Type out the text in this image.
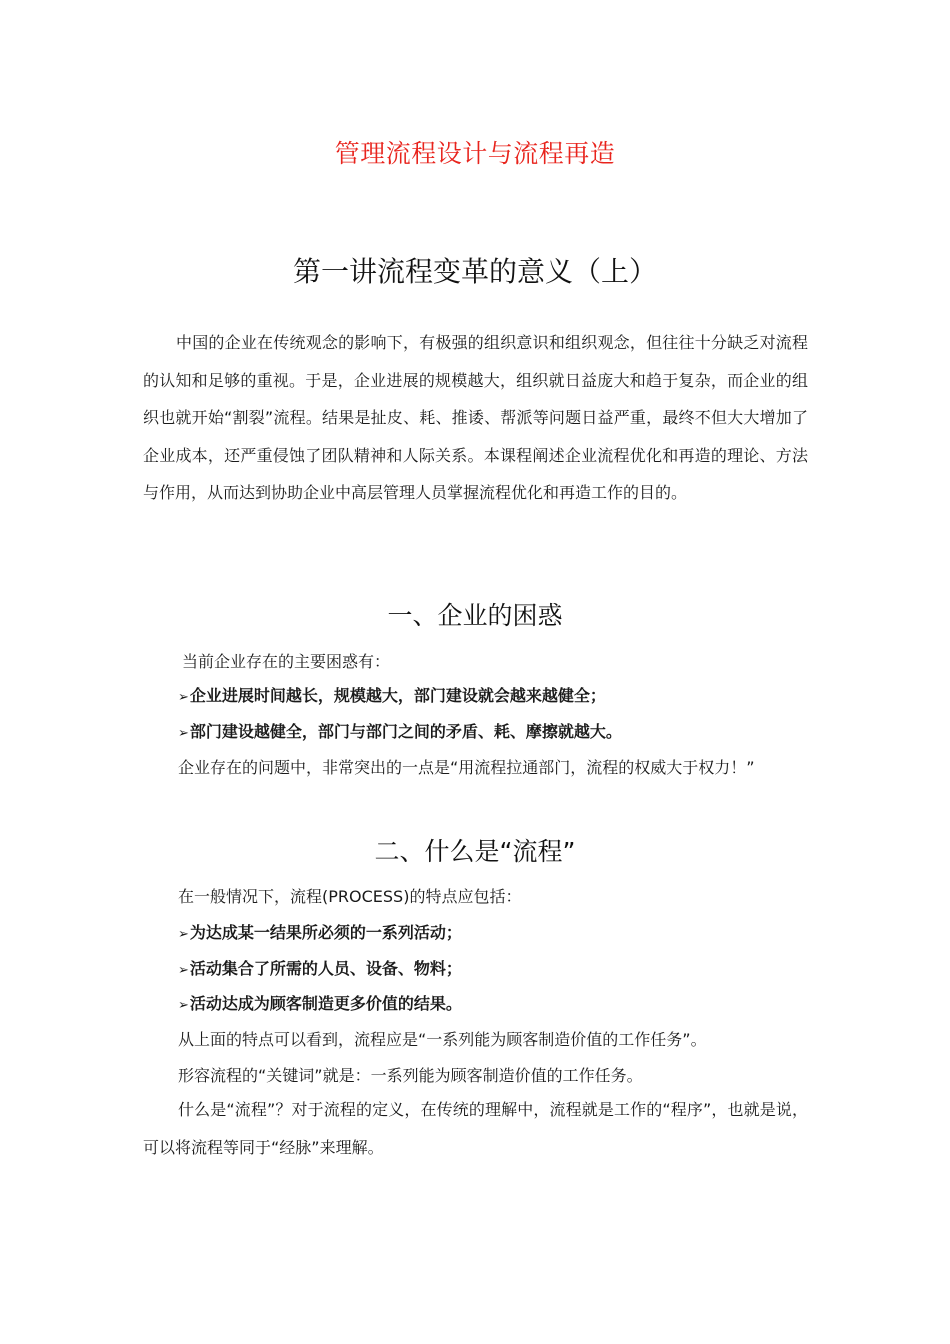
管理流程设计与流程再造
第一讲流程变革的意义（上）

中国的企业在传统观念的影响下，有极强的组织意识和组织观念，但往往十分缺乏对流程的认知和足够的重视。于是，企业进展的规模越大，组织就日益庞大和趋于复杂，而企业的组织也就开始“割裂”流程。结果是扯皮、耗、推诿、帮派等问题日益严重，最终不但大大增加了企业成本，还严重侵蚀了团队精神和人际关系。本课程阐述企业流程优化和再造的理论、方法与作用，从而达到协助企业中高层管理人员掌握流程优化和再造工作的目的。

一、企业的困惑
当前企业存在的主要困惑有：
➢企业进展时间越长，规模越大，部门建设就会越来越健全；
➢部门建设越健全，部门与部门之间的矛盾、耗、摩擦就越大。
企业存在的问题中，非常突出的一点是“用流程拉通部门，流程的权威大于权力！”
二、什么是“流程”
在一般情况下，流程(PROCESS)的特点应包括：
➢为达成某一结果所必须的一系列活动；
➢活动集合了所需的人员、设备、物料；
➢活动达成为顾客制造更多价值的结果。
从上面的特点可以看到，流程应是“一系列能为顾客制造价值的工作任务”。
形容流程的“关键词”就是：一系列能为顾客制造价值的工作任务。

什么是“流程”？对于流程的定义，在传统的理解中，流程就是工作的“程序”，也就是说，可以将流程等同于“经脉”来理解。
